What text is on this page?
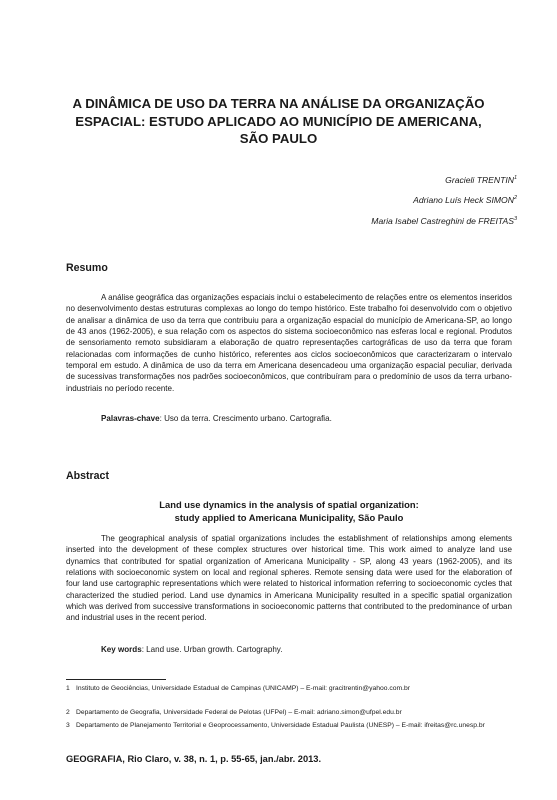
A DINÂMICA DE USO DA TERRA NA ANÁLISE DA ORGANIZAÇÃO
ESPACIAL: ESTUDO APLICADO AO MUNICÍPIO DE AMERICANA,
SÃO PAULO
Gracieli TRENTIN$^1$
Adriano Luís Heck SIMON$^2$
Maria Isabel Castreghini de FREITAS$^3$
Resumo

A análise geográfica das organizações espaciais inclui o estabelecimento de relações entre os elementos inseridos no desenvolvimento destas estruturas complexas ao longo do tempo histórico. Este trabalho foi desenvolvido com o objetivo de analisar a dinâmica de uso da terra que contribuiu para a organização espacial do município de Americana-SP, ao longo de 43 anos (1962-2005), e sua relação com os aspectos do sistema socioeconômico nas esferas local e regional. Produtos de sensoriamento remoto subsidiaram a elaboração de quatro representações cartográficas de uso da terra que foram relacionadas com informações de cunho histórico, referentes aos ciclos socioeconômicos que caracterizaram o intervalo temporal em estudo. A dinâmica de uso da terra em Americana desencadeou uma organização espacial peculiar, derivada de sucessivas transformações nos padrões socioeconômicos, que contribuíram para o predomínio de usos da terra urbano-industriais no período recente.

Palavras-chave: Uso da terra. Crescimento urbano. Cartografia.
Abstract
Land use dynamics in the analysis of spatial organization:
study applied to Americana Municipality, São Paulo

The geographical analysis of spatial organizations includes the establishment of relationships among elements inserted into the development of these complex structures over historical time. This work aimed to analyze land use dynamics that contributed for spatial organization of Americana Municipality - SP, along 43 years (1962-2005), and its relations with socioeconomic system on local and regional spheres. Remote sensing data were used for the elaboration of four land use cartographic representations which were related to historical information referring to socioeconomic cycles that characterized the studied period. Land use dynamics in Americana Municipality resulted in a specific spatial organization which was derived from successive transformations in socioeconomic patterns that contributed to the predominance of urban and industrial uses in the recent period.

Key words: Land use. Urban growth. Cartography.

1 Instituto de Geociências, Universidade Estadual de Campinas (UNICAMP) – E-mail: gracitrentin@yahoo.com.br

2 Departamento de Geografia, Universidade Federal de Pelotas (UFPel) – E-mail: adriano.simon@ufpel.edu.br

3 Departamento de Planejamento Territorial e Geoprocessamento, Universidade Estadual Paulista (UNESP) – E-mail: ifreitas@rc.unesp.br

GEOGRAFIA, Rio Claro, v. 38, n. 1, p. 55-65, jan./abr. 2013.
